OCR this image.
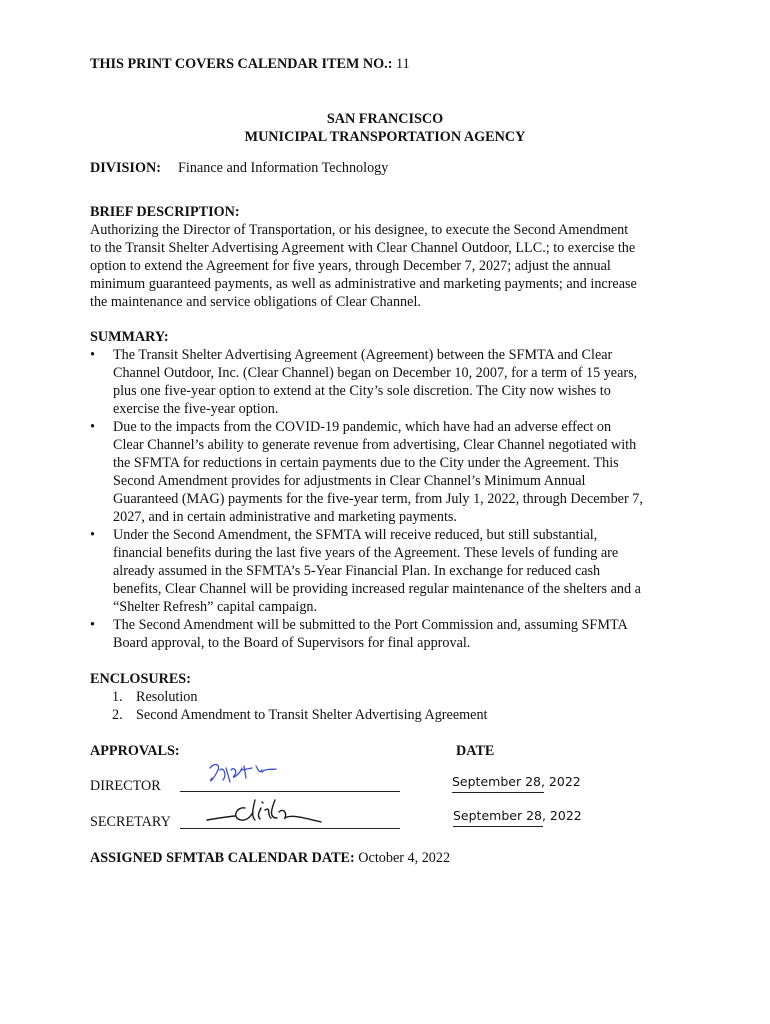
THIS PRINT COVERS CALENDAR ITEM NO.: 11
SAN FRANCISCO
MUNICIPAL TRANSPORTATION AGENCY
DIVISION: Finance and Information Technology
BRIEF DESCRIPTION:
Authorizing the Director of Transportation, or his designee, to execute the Second Amendment
to the Transit Shelter Advertising Agreement with Clear Channel Outdoor, LLC.; to exercise the
option to extend the Agreement for five years, through December 7, 2027; adjust the annual
minimum guaranteed payments, as well as administrative and marketing payments; and increase
the maintenance and service obligations of Clear Channel.
SUMMARY:
• The Transit Shelter Advertising Agreement (Agreement) between the SFMTA and Clear
Channel Outdoor, Inc. (Clear Channel) began on December 10, 2007, for a term of 15 years,
plus one five-year option to extend at the City’s sole discretion. The City now wishes to
exercise the five-year option.
• Due to the impacts from the COVID-19 pandemic, which have had an adverse effect on
Clear Channel’s ability to generate revenue from advertising, Clear Channel negotiated with
the SFMTA for reductions in certain payments due to the City under the Agreement. This
Second Amendment provides for adjustments in Clear Channel’s Minimum Annual
Guaranteed (MAG) payments for the five-year term, from July 1, 2022, through December 7,
2027, and in certain administrative and marketing payments.
• Under the Second Amendment, the SFMTA will receive reduced, but still substantial,
financial benefits during the last five years of the Agreement. These levels of funding are
already assumed in the SFMTA’s 5-Year Financial Plan. In exchange for reduced cash
benefits, Clear Channel will be providing increased regular maintenance of the shelters and a
“Shelter Refresh” capital campaign.
• The Second Amendment will be submitted to the Port Commission and, assuming SFMTA
Board approval, to the Board of Supervisors for final approval.
ENCLOSURES:
1. Resolution
2. Second Amendment to Transit Shelter Advertising Agreement
APPROVALS:	DATE
DIRECTOR	September 28, 2022
SECRETARY	September 28, 2022
ASSIGNED SFMTAB CALENDAR DATE: October 4, 2022
